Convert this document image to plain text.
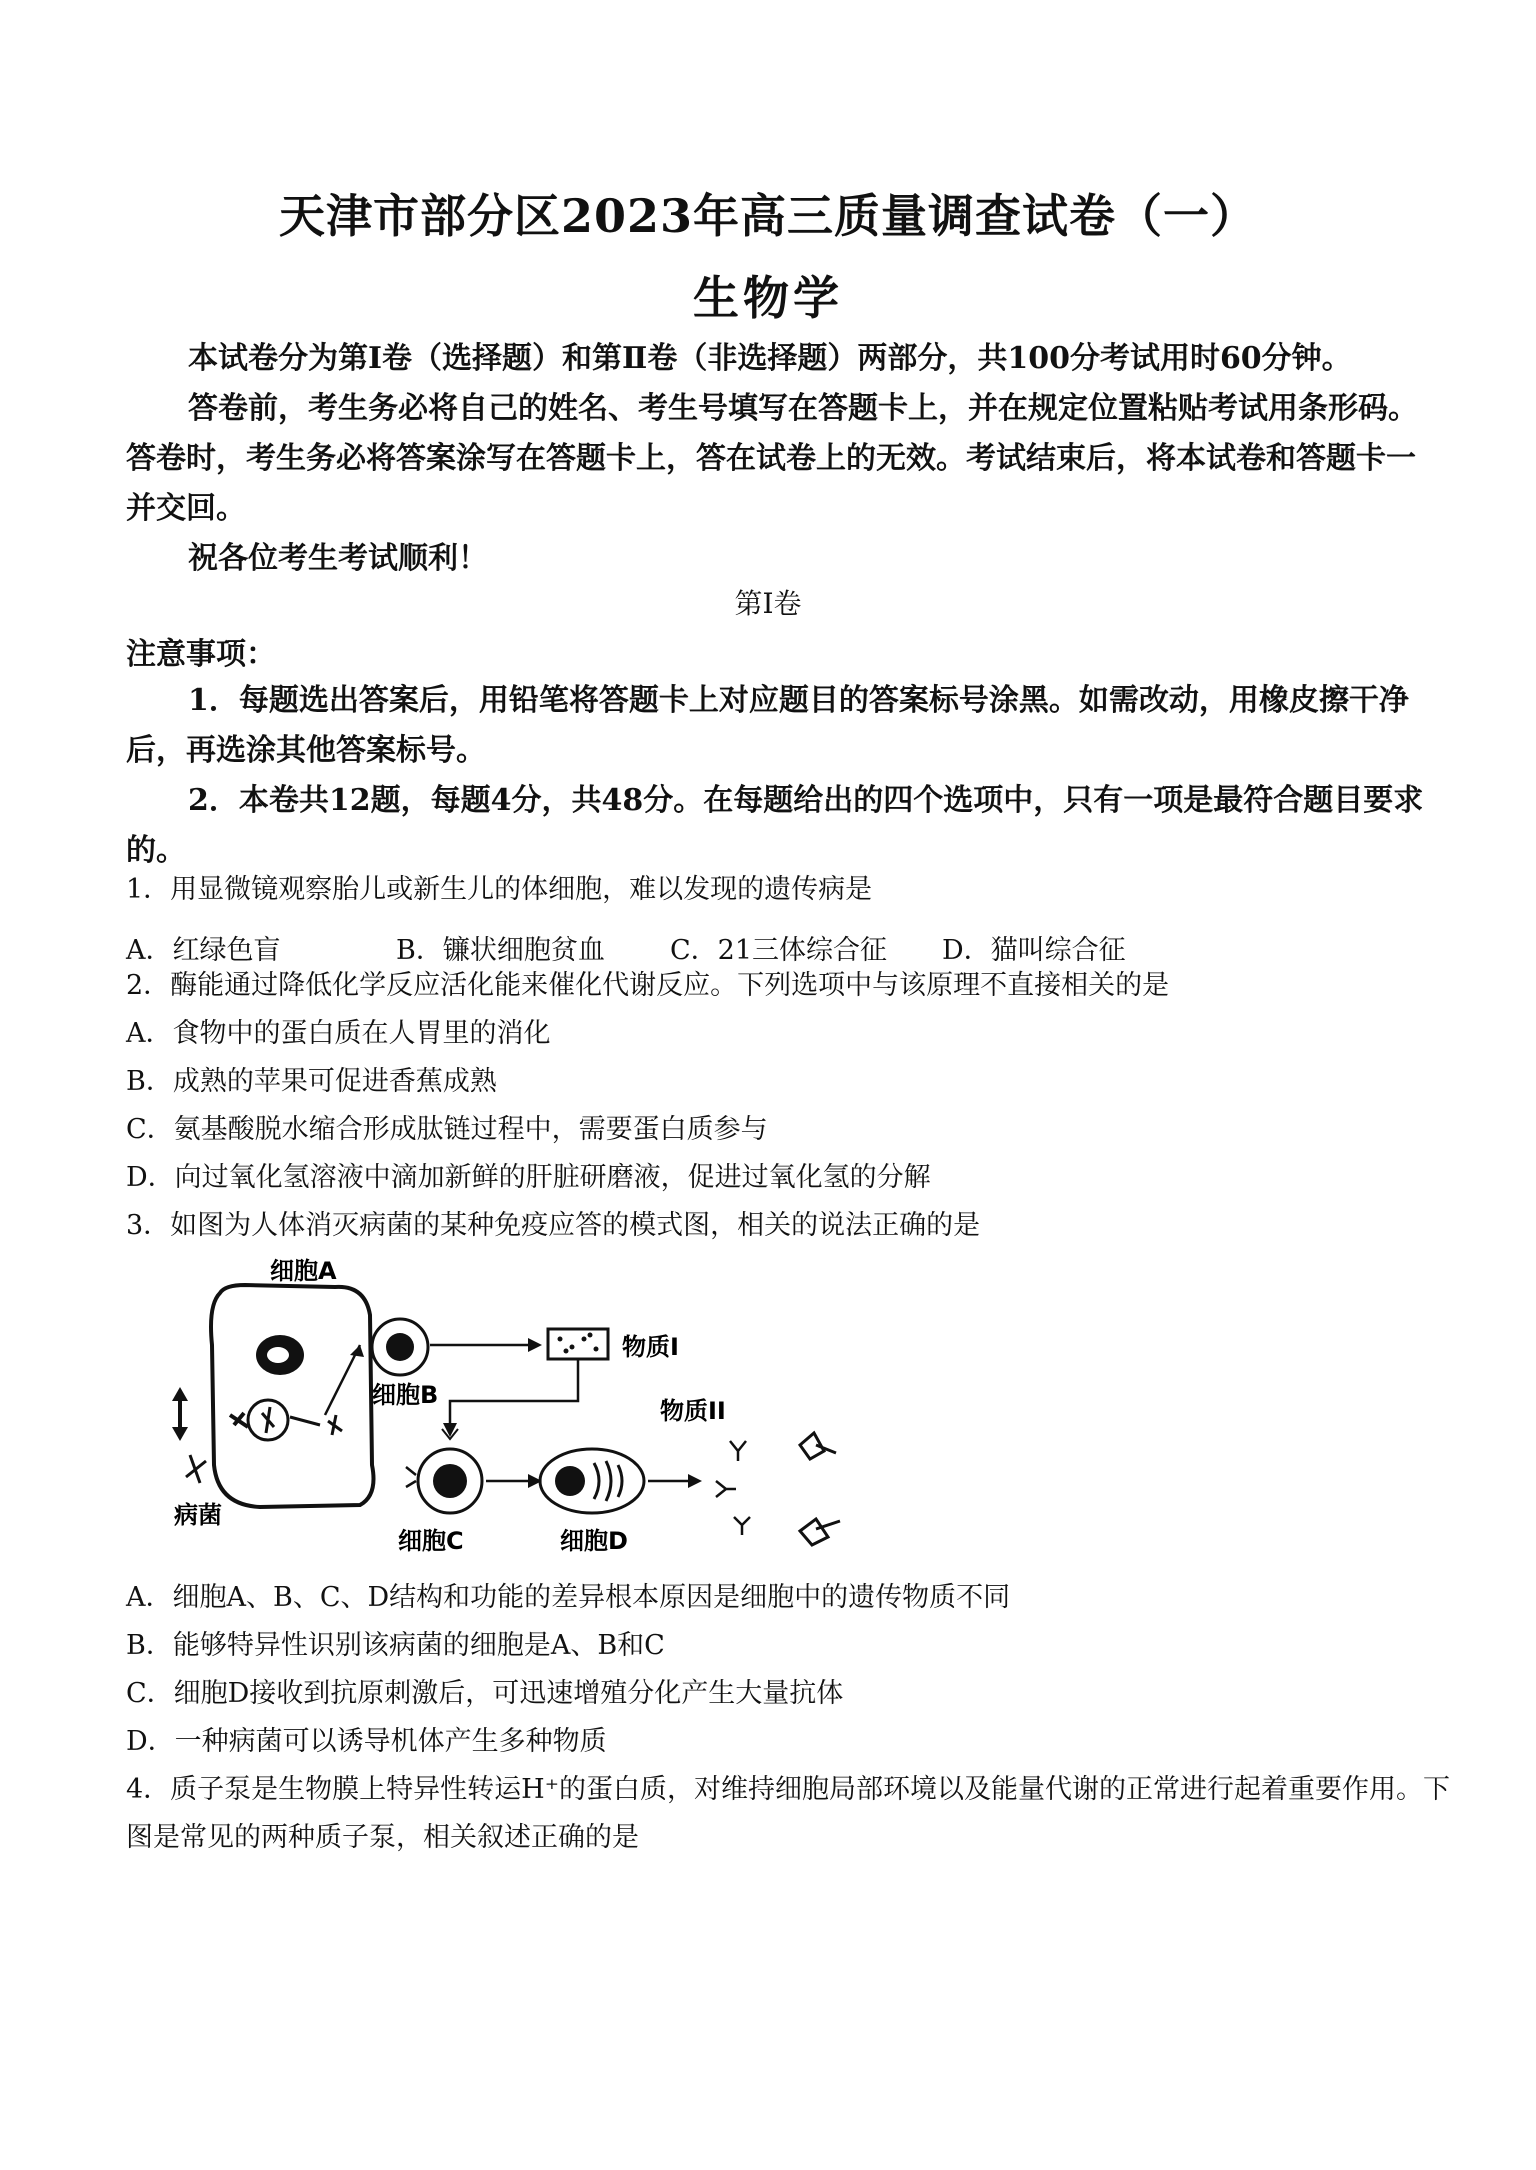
天津市部分区2023年高三质量调查试卷（一）
生物学
本试卷分为第Ⅰ卷（选择题）和第Ⅱ卷（非选择题）两部分，共100分考试用时60分钟。
答卷前，考生务必将自己的姓名、考生号填写在答题卡上，并在规定位置粘贴考试用条形码。答卷时，考生务必将答案涂写在答题卡上，答在试卷上的无效。考试结束后，将本试卷和答题卡一并交回。
祝各位考生考试顺利！
第Ⅰ卷
注意事项：
1．每题选出答案后，用铅笔将答题卡上对应题目的答案标号涂黑。如需改动，用橡皮擦干净后，再选涂其他答案标号。
2．本卷共12题，每题4分，共48分。在每题给出的四个选项中，只有一项是最符合题目要求的。
1．用显微镜观察胎儿或新生儿的体细胞，难以发现的遗传病是
A．红绿色盲	B．镰状细胞贫血 C．21三体综合征 D．猫叫综合征
2．酶能通过降低化学反应活化能来催化代谢反应。下列选项中与该原理不直接相关的是
A．食物中的蛋白质在人胃里的消化
B．成熟的苹果可促进香蕉成熟
C．氨基酸脱水缩合形成肽链过程中，需要蛋白质参与
D．向过氧化氢溶液中滴加新鲜的肝脏研磨液，促进过氧化氢的分解
3．如图为人体消灭病菌的某种免疫应答的模式图，相关的说法正确的是
细胞A
病菌
细胞B
物质Ⅰ
细胞C	细胞D
物质ⅠI
A．细胞A、B、C、D结构和功能的差异根本原因是细胞中的遗传物质不同
B．能够特异性识别该病菌的细胞是A、B和C
C．细胞D接收到抗原刺激后，可迅速增殖分化产生大量抗体
D．一种病菌可以诱导机体产生多种物质
4．质子泵是生物膜上特异性转运H⁺的蛋白质，对维持细胞局部环境以及能量代谢的正常进行起着重要作用。下图是常见的两种质子泵，相关叙述正确的是
